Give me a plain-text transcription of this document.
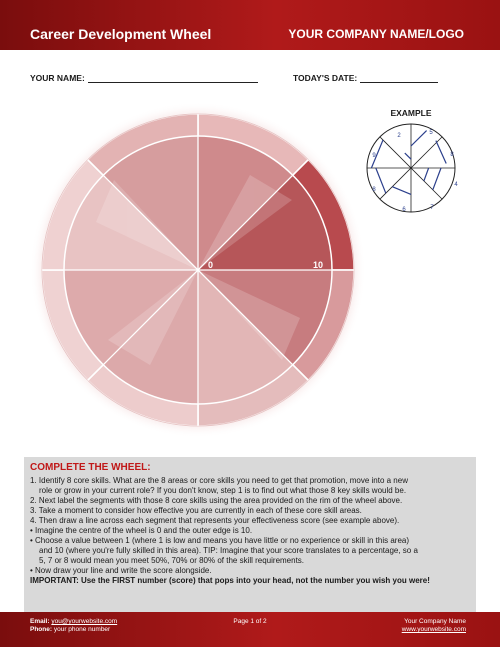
Career Development Wheel	YOUR COMPANY NAME/LOGO
YOUR NAME:	TODAY'S DATE:
EXAMPLE
0	10
5
8
4
7
6
8
9
2
COMPLETE THE WHEEL:
1. Identify 8 core skills. What are the 8 areas or core skills you need to get that promotion, move into a new
role or grow in your current role? If you don't know, step 1 is to find out what those 8 key skills would be.
2. Next label the segments with those 8 core skills using the area provided on the rim of the wheel above.
3. Take a moment to consider how effective you are currently in each of these core skill areas.
4. Then draw a line across each segment that represents your effectiveness score (see example above).
• Imagine the centre of the wheel is 0 and the outer edge is 10.
• Choose a value between 1 (where 1 is low and means you have little or no experience or skill in this area)
and 10 (where you're fully skilled in this area). TIP: Imagine that your score translates to a percentage, so a
5, 7 or 8 would mean you meet 50%, 70% or 80% of the skill requirements.
• Now draw your line and write the score alongside.
IMPORTANT: Use the FIRST number (score) that pops into your head, not the number you wish you were!
Email: you@yourwebsite.com
Phone: your phone number
Page 1 of 2	Your Company Name
www.yourwebsite.com
